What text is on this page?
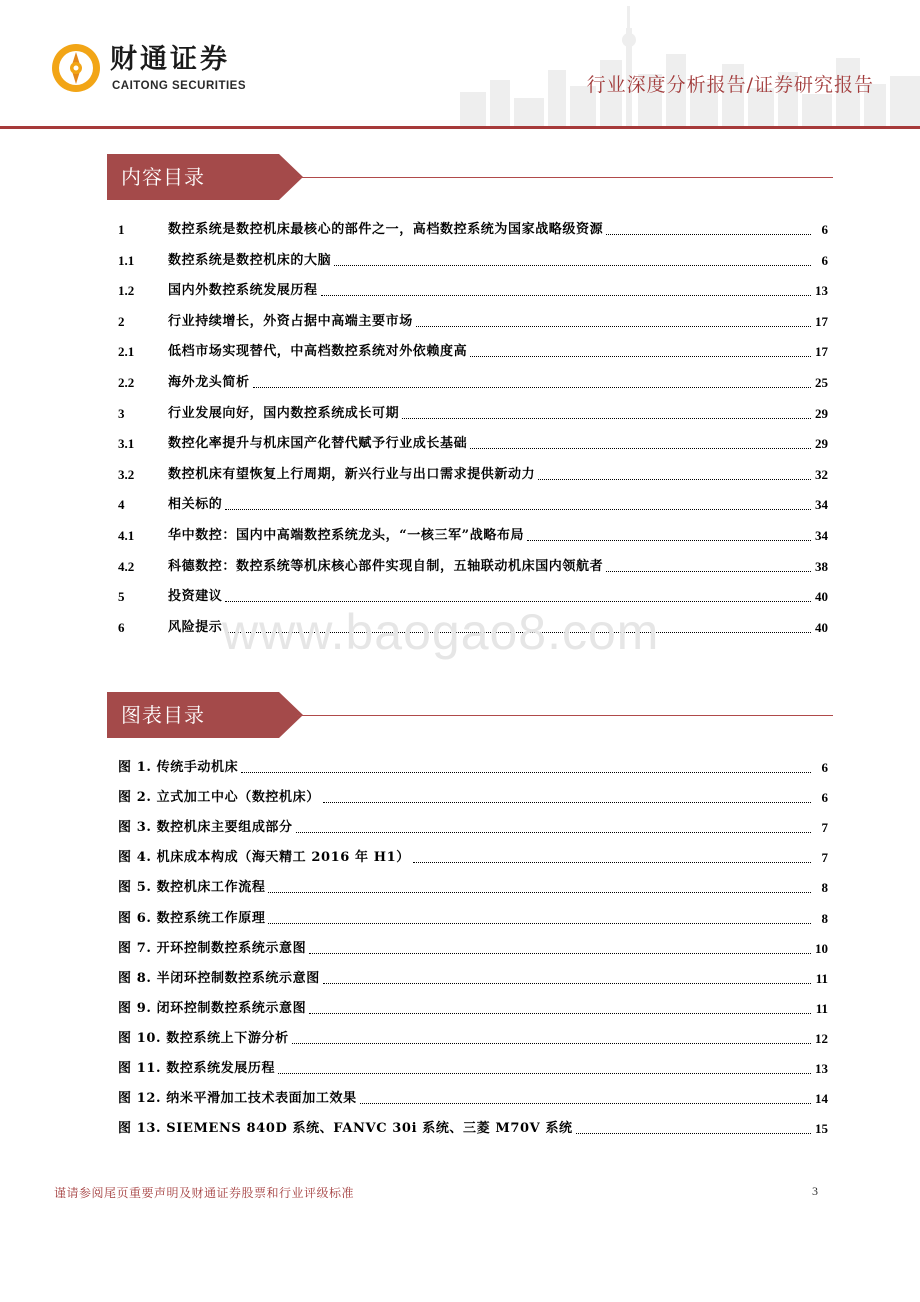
财通证券
CAITONG SECURITIES	行业深度分析报告/证券研究报告
内容目录
1	数控系统是数控机床最核心的部件之一，高档数控系统为国家战略级资源	6
1.1	数控系统是数控机床的大脑	6
1.2	国内外数控系统发展历程	13
2	行业持续增长，外资占据中高端主要市场	17
2.1	低档市场实现替代，中高档数控系统对外依赖度高	17
2.2	海外龙头简析	25
3	行业发展向好，国内数控系统成长可期	29
3.1	数控化率提升与机床国产化替代赋予行业成长基础	29
3.2	数控机床有望恢复上行周期，新兴行业与出口需求提供新动力	32
4	相关标的	34
4.1	华中数控：国内中高端数控系统龙头，“一核三军”战略布局	34
4.2	科德数控：数控系统等机床核心部件实现自制，五轴联动机床国内领航者	38
5	投资建议	40
6	风险提示	40
www.baogao8.com
图表目录
图 1. 传统手动机床	6
图 2. 立式加工中心（数控机床）	6
图 3. 数控机床主要组成部分	7
图 4. 机床成本构成（海天精工 2016 年 H1）	7
图 5. 数控机床工作流程	8
图 6. 数控系统工作原理	8
图 7. 开环控制数控系统示意图	10
图 8. 半闭环控制数控系统示意图	11
图 9. 闭环控制数控系统示意图	11
图 10. 数控系统上下游分析	12
图 11. 数控系统发展历程	13
图 12. 纳米平滑加工技术表面加工效果	14
图 13. SIEMENS 840D 系统、FANVC 30i 系统、三菱 M70V 系统	15
谨请参阅尾页重要声明及财通证券股票和行业评级标准	3
